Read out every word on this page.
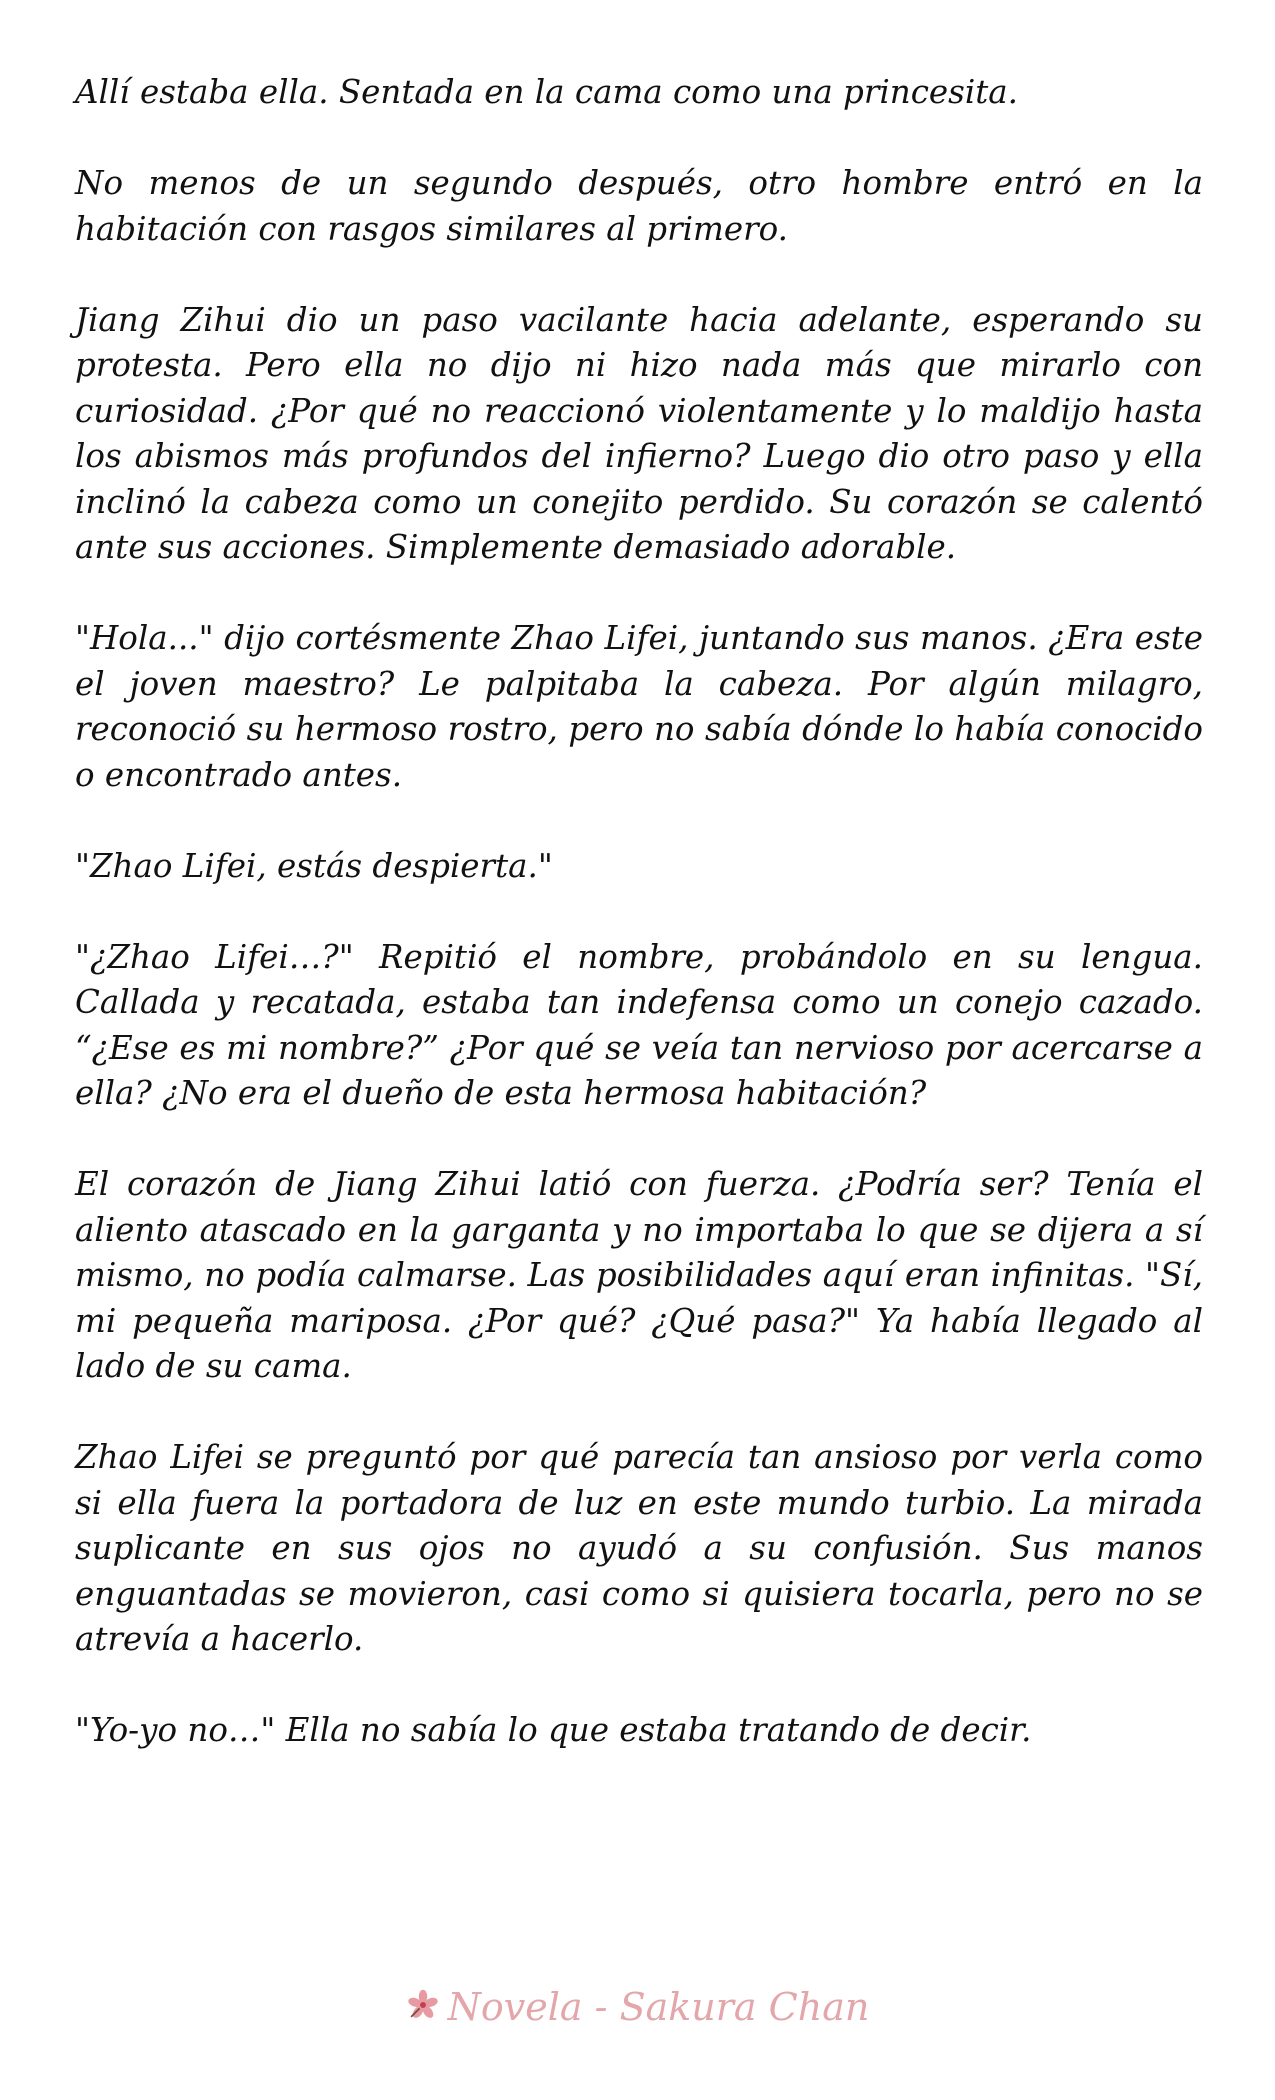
Allí estaba ella. Sentada en la cama como una princesita.

No menos de un segundo después, otro hombre entró en la habitación con rasgos similares al primero.

Jiang Zihui dio un paso vacilante hacia adelante, esperando su protesta. Pero ella no dijo ni hizo nada más que mirarlo con curiosidad. ¿Por qué no reaccionó violentamente y lo maldijo hasta los abismos más profundos del infierno? Luego dio otro paso y ella inclinó la cabeza como un conejito perdido. Su corazón se calentó ante sus acciones. Simplemente demasiado adorable.

"Hola..." dijo cortésmente Zhao Lifei, juntando sus manos. ¿Era este el joven maestro? Le palpitaba la cabeza. Por algún milagro, reconoció su hermoso rostro, pero no sabía dónde lo había conocido o encontrado antes.

"Zhao Lifei, estás despierta."

"¿Zhao Lifei…?" Repitió el nombre, probándolo en su lengua. Callada y recatada, estaba tan indefensa como un conejo cazado. “¿Ese es mi nombre?” ¿Por qué se veía tan nervioso por acercarse a ella? ¿No era el dueño de esta hermosa habitación?

El corazón de Jiang Zihui latió con fuerza. ¿Podría ser? Tenía el aliento atascado en la garganta y no importaba lo que se dijera a sí mismo, no podía calmarse. Las posibilidades aquí eran infinitas. "Sí, mi pequeña mariposa. ¿Por qué? ¿Qué pasa?" Ya había llegado al lado de su cama.

Zhao Lifei se preguntó por qué parecía tan ansioso por verla como si ella fuera la portadora de luz en este mundo turbio. La mirada suplicante en sus ojos no ayudó a su confusión. Sus manos enguantadas se movieron, casi como si quisiera tocarla, pero no se atrevía a hacerlo.

"Yo-yo no…" Ella no sabía lo que estaba tratando de decir.

Novela - Sakura Chan
